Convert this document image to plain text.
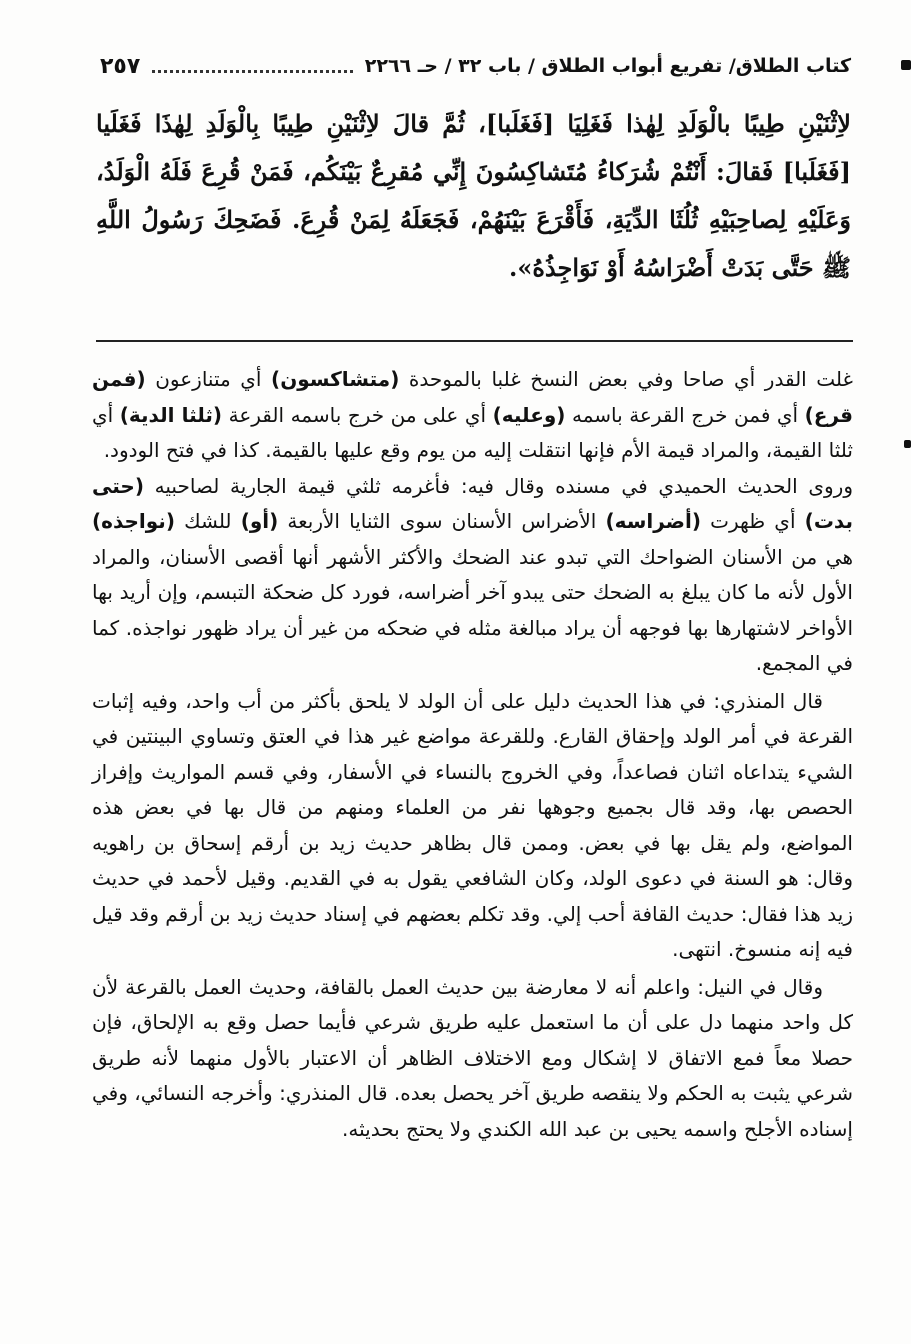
كتاب الطلاق/ تفريع أبواب الطلاق / باب ٣٢ / حـ ٢٢٦٦
٢٥٧

لاِثْنَيْنِ طِيبًا بالْوَلَدِ لِهٰذا فَغَلِيَا [فَغَلَبا]، ثُمَّ قالَ لاِثْنَيْنِ طِيبًا بِالْوَلَدِ لِهٰذَا فَغَلَيا [فَغَلَبا] فَقالَ: أَنْتُمْ شُرَكاءُ مُتَشاكِسُونَ إِنِّي مُقرِعٌ بَيْنَكُم، فَمَنْ قُرِعَ فَلَهُ الْوَلَدُ، وَعَلَيْهِ لِصاحِبَيْهِ ثُلُثَا الدِّيَةِ، فَأَقْرَعَ بَيْنَهُمْ، فَجَعَلَهُ لِمَنْ قُرِعَ. فَضَحِكَ رَسُولُ اللَّهِ ﷺ حَتَّى بَدَتْ أَضْرَاسُهُ أَوْ نَوَاجِذُهُ».

غلت القدر أي صاحا وفي بعض النسخ غلبا بالموحدة (متشاكسون) أي متنازعون (فمن قرع) أي فمن خرج القرعة باسمه (وعليه) أي على من خرج باسمه القرعة (ثلثا الدية) أي ثلثا القيمة، والمراد قيمة الأم فإنها انتقلت إليه من يوم وقع عليها بالقيمة. كذا في فتح الودود.

وروى الحديث الحميدي في مسنده وقال فيه: فأغرمه ثلثي قيمة الجارية لصاحبيه (حتى بدت) أي ظهرت (أضراسه) الأضراس الأسنان سوى الثنايا الأربعة (أو) للشك (نواجذه) هي من الأسنان الضواحك التي تبدو عند الضحك والأكثر الأشهر أنها أقصى الأسنان، والمراد الأول لأنه ما كان يبلغ به الضحك حتى يبدو آخر أضراسه، فورد كل ضحكة التبسم، وإن أريد بها الأواخر لاشتهارها بها فوجهه أن يراد مبالغة مثله في ضحكه من غير أن يراد ظهور نواجذه. كما في المجمع.

قال المنذري: في هذا الحديث دليل على أن الولد لا يلحق بأكثر من أب واحد، وفيه إثبات القرعة في أمر الولد وإحقاق القارع. وللقرعة مواضع غير هذا في العتق وتساوي البينتين في الشيء يتداعاه اثنان فصاعداً، وفي الخروج بالنساء في الأسفار، وفي قسم المواريث وإفراز الحصص بها، وقد قال بجميع وجوهها نفر من العلماء ومنهم من قال بها في بعض هذه المواضع، ولم يقل بها في بعض. وممن قال بظاهر حديث زيد بن أرقم إسحاق بن راهويه وقال: هو السنة في دعوى الولد، وكان الشافعي يقول به في القديم. وقيل لأحمد في حديث زيد هذا فقال: حديث القافة أحب إلي. وقد تكلم بعضهم في إسناد حديث زيد بن أرقم وقد قيل فيه إنه منسوخ. انتهى.

وقال في النيل: واعلم أنه لا معارضة بين حديث العمل بالقافة، وحديث العمل بالقرعة لأن كل واحد منهما دل على أن ما استعمل عليه طريق شرعي فأيما حصل وقع به الإلحاق، فإن حصلا معاً فمع الاتفاق لا إشكال ومع الاختلاف الظاهر أن الاعتبار بالأول منهما لأنه طريق شرعي يثبت به الحكم ولا ينقصه طريق آخر يحصل بعده. قال المنذري: وأخرجه النسائي، وفي إسناده الأجلح واسمه يحيى بن عبد الله الكندي ولا يحتج بحديثه.
